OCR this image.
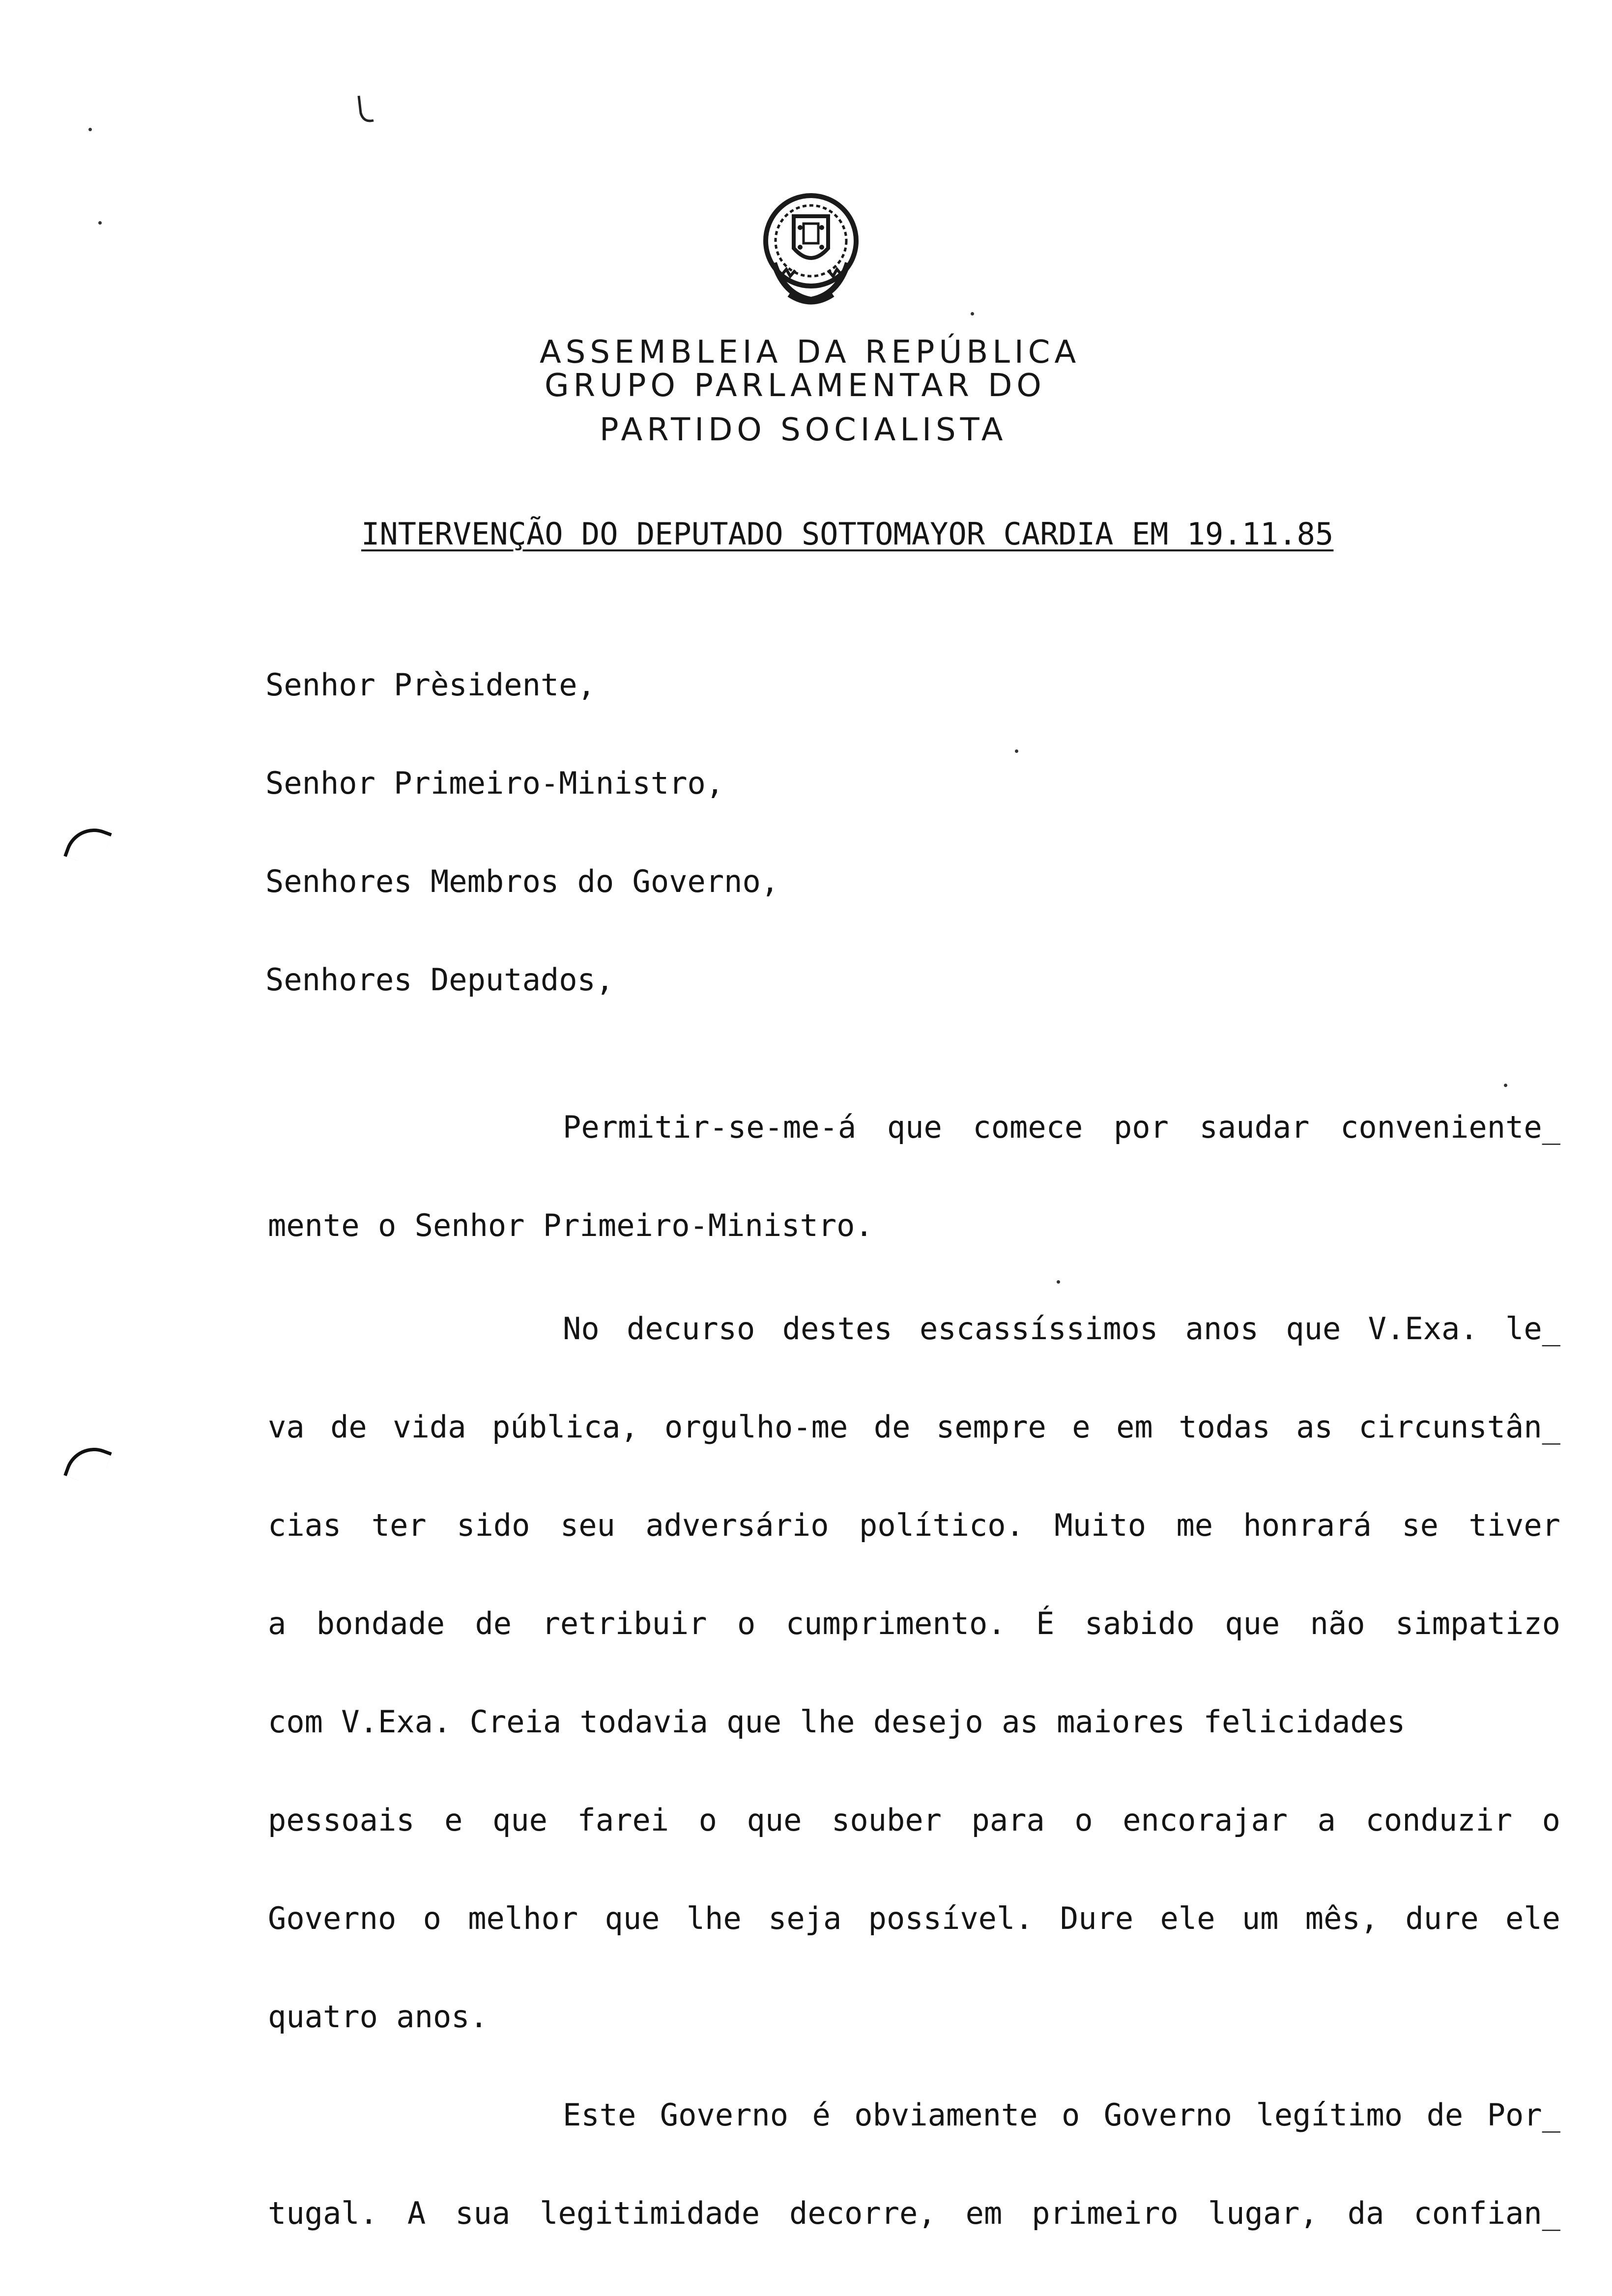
ASSEMBLEIA DA REPÚBLICA
GRUPO PARLAMENTAR DO
PARTIDO SOCIALISTA
INTERVENÇÃO DO DEPUTADO SOTTOMAYOR CARDIA EM 19.11.85
Senhor Prèsidente,
Senhor Primeiro-Ministro,
Senhores Membros do Governo,
Senhores Deputados,
Permitir-se-me-á que comece por saudar conveniente̲
mente o Senhor Primeiro-Ministro.
No decurso destes escassíssimos anos que V.Exa. le̲
va de vida pública, orgulho-me de sempre e em todas as circunstân̲
cias ter sido seu adversário político. Muito me honrará se tiver
a bondade de retribuir o cumprimento. É sabido que não simpatizo
com V.Exa. Creia todavia que lhe desejo as maiores felicidades
pessoais e que farei o que souber para o encorajar a conduzir o
Governo o melhor que lhe seja possível. Dure ele um mês, dure ele
quatro anos.
Este Governo é obviamente o Governo legítimo de Por̲
tugal. A sua legitimidade decorre, em primeiro lugar, da confian̲
